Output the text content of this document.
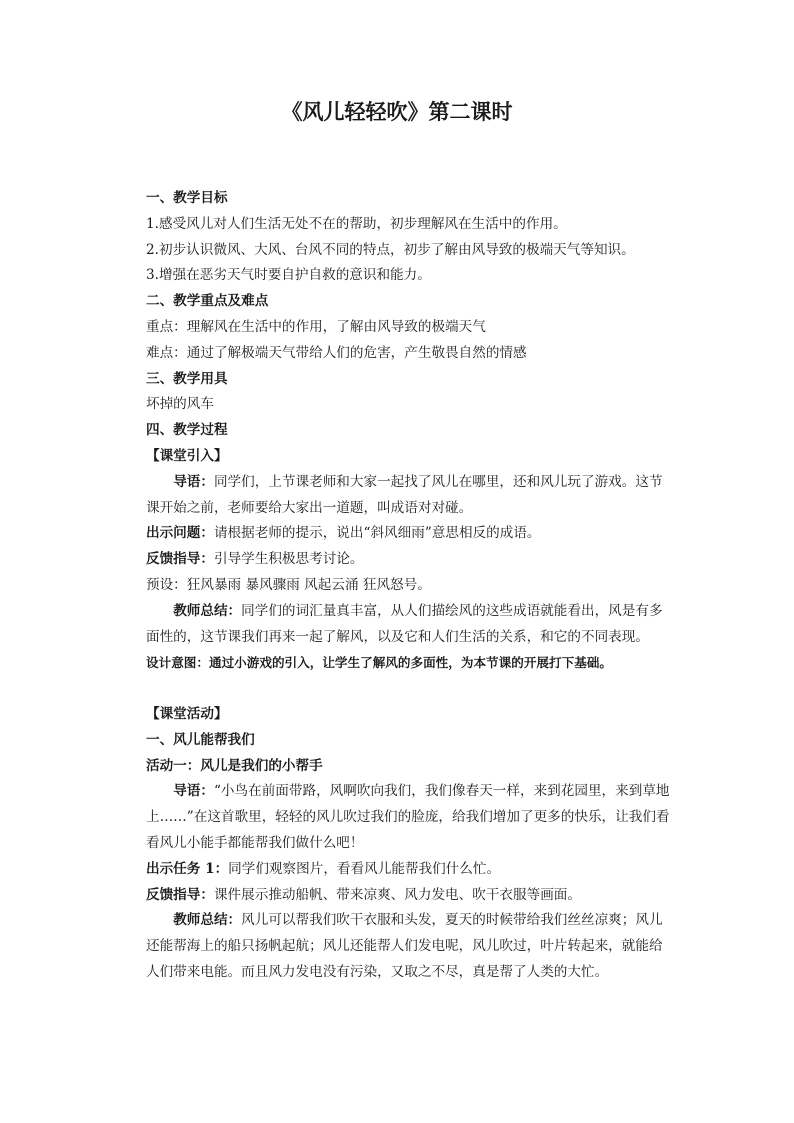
《风儿轻轻吹》第二课时

一、教学目标

1.感受风儿对人们生活无处不在的帮助，初步理解风在生活中的作用。

2.初步认识微风、大风、台风不同的特点，初步了解由风导致的极端天气等知识。

3.增强在恶劣天气时要自护自救的意识和能力。

二、教学重点及难点

重点：理解风在生活中的作用，了解由风导致的极端天气

难点：通过了解极端天气带给人们的危害，产生敬畏自然的情感

三、教学用具

坏掉的风车

四、教学过程

【课堂引入】

  导语：同学们，上节课老师和大家一起找了风儿在哪里，还和风儿玩了游戏。这节课开始之前，老师要给大家出一道题，叫成语对对碰。

出示问题：请根据老师的提示，说出“斜风细雨”意思相反的成语。

反馈指导：引导学生积极思考讨论。

预设：狂风暴雨 暴风骤雨 风起云涌 狂风怒号。

  教师总结：同学们的词汇量真丰富，从人们描绘风的这些成语就能看出，风是有多面性的，这节课我们再来一起了解风，以及它和人们生活的关系，和它的不同表现。

设计意图：通过小游戏的引入，让学生了解风的多面性，为本节课的开展打下基础。

【课堂活动】

一、风儿能帮我们

活动一：风儿是我们的小帮手

  导语：“小鸟在前面带路，风啊吹向我们，我们像春天一样，来到花园里，来到草地上……”在这首歌里，轻轻的风儿吹过我们的脸庞，给我们增加了更多的快乐，让我们看看风儿小能手都能帮我们做什么吧！

出示任务 1：同学们观察图片，看看风儿能帮我们什么忙。

反馈指导：课件展示推动船帆、带来凉爽、风力发电、吹干衣服等画面。

  教师总结：风儿可以帮我们吹干衣服和头发，夏天的时候带给我们丝丝凉爽；风儿还能帮海上的船只扬帆起航；风儿还能帮人们发电呢，风儿吹过，叶片转起来，就能给人们带来电能。而且风力发电没有污染，又取之不尽，真是帮了人类的大忙。
